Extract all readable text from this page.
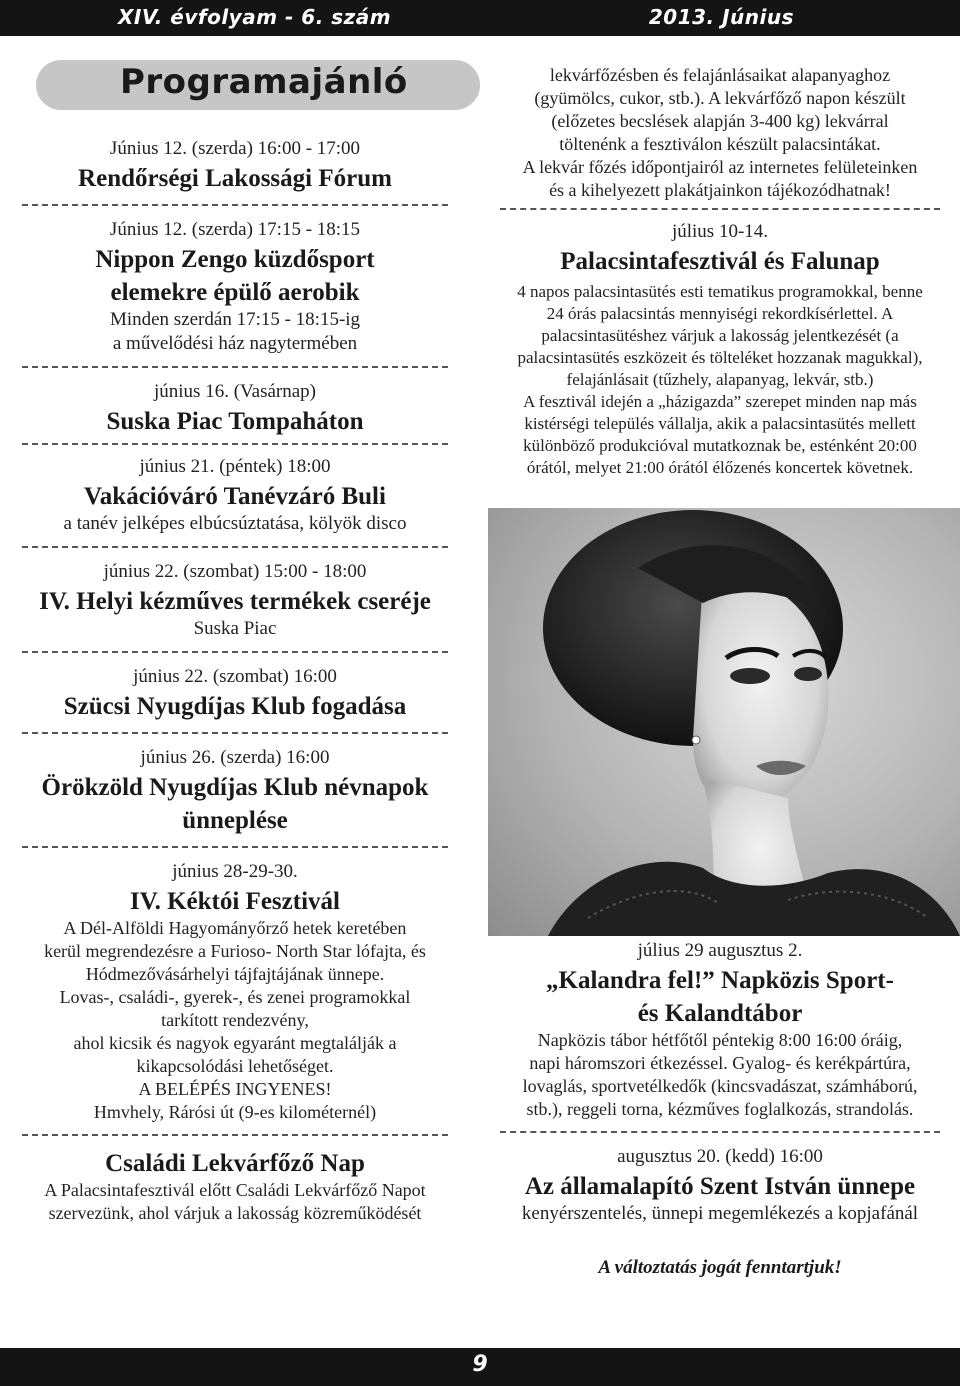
XIV. évfolyam - 6. szám	2013. Június
Programajánló
Június 12. (szerda) 16:00 - 17:00
Rendőrségi Lakossági Fórum
Június 12. (szerda) 17:15 - 18:15
Nippon Zengo küzdősport
elemekre épülő aerobik
Minden szerdán 17:15 - 18:15-ig
a művelődési ház nagytermében
június 16. (Vasárnap)
Suska Piac Tompaháton
június 21. (péntek) 18:00
Vakációváró Tanévzáró Buli
a tanév jelképes elbúcsúztatása, kölyök disco
június 22. (szombat) 15:00 - 18:00
IV. Helyi kézműves termékek cseréje
Suska Piac
június 22. (szombat) 16:00
Szücsi Nyugdíjas Klub fogadása
június 26. (szerda) 16:00
Örökzöld Nyugdíjas Klub névnapok
ünneplése
június 28-29-30.
IV. Kéktói Fesztivál
A Dél-Alföldi Hagyományőrző hetek keretében
kerül megrendezésre a Furioso- North Star lófajta, és
Hódmezővásárhelyi tájfajtájának ünnepe.
Lovas-, családi-, gyerek-, és zenei programokkal
tarkított rendezvény,
ahol kicsik és nagyok egyaránt megtalálják a
kikapcsolódási lehetőséget.
A BELÉPÉS INGYENES!
Hmvhely, Rárósi út (9-es kilométernél)
Családi Lekvárfőző Nap
A Palacsintafesztivál előtt Családi Lekvárfőző Napot
szervezünk, ahol várjuk a lakosság közreműködését
lekvárfőzésben és felajánlásaikat alapanyaghoz
(gyümölcs, cukor, stb.). A lekvárfőző napon készült
(előzetes becslések alapján 3-400 kg) lekvárral
töltenénk a fesztiválon készült palacsintákat.
A lekvár főzés időpontjairól az internetes felületeinken
és a kihelyezett plakátjainkon tájékozódhatnak!
július 10-14.
Palacsintafesztivál és Falunap
4 napos palacsintasütés esti tematikus programokkal, benne
24 órás palacsintás mennyiségi rekordkísérlettel. A
palacsintasütéshez várjuk a lakosság jelentkezését (a
palacsintasütés eszközeit és tölteléket hozzanak magukkal),
felajánlásait (tűzhely, alapanyag, lekvár, stb.)
A fesztivál idején a „házigazda” szerepet minden nap más
kistérségi település vállalja, akik a palacsintasütés mellett
különböző produkcióval mutatkoznak be, esténként 20:00
órától, melyet 21:00 órától élőzenés koncertek követnek.
július 29 augusztus 2.
„Kalandra fel!” Napközis Sport-
és Kalandtábor
Napközis tábor hétfőtől péntekig 8:00 16:00 óráig,
napi háromszori étkezéssel. Gyalog- és kerékpártúra,
lovaglás, sportvetélkedők (kincsvadászat, számháború,
stb.), reggeli torna, kézműves foglalkozás, strandolás.
augusztus 20. (kedd) 16:00
Az államalapító Szent István ünnepe
kenyérszentelés, ünnepi megemlékezés a kopjafánál
A változtatás jogát fenntartjuk!
9
